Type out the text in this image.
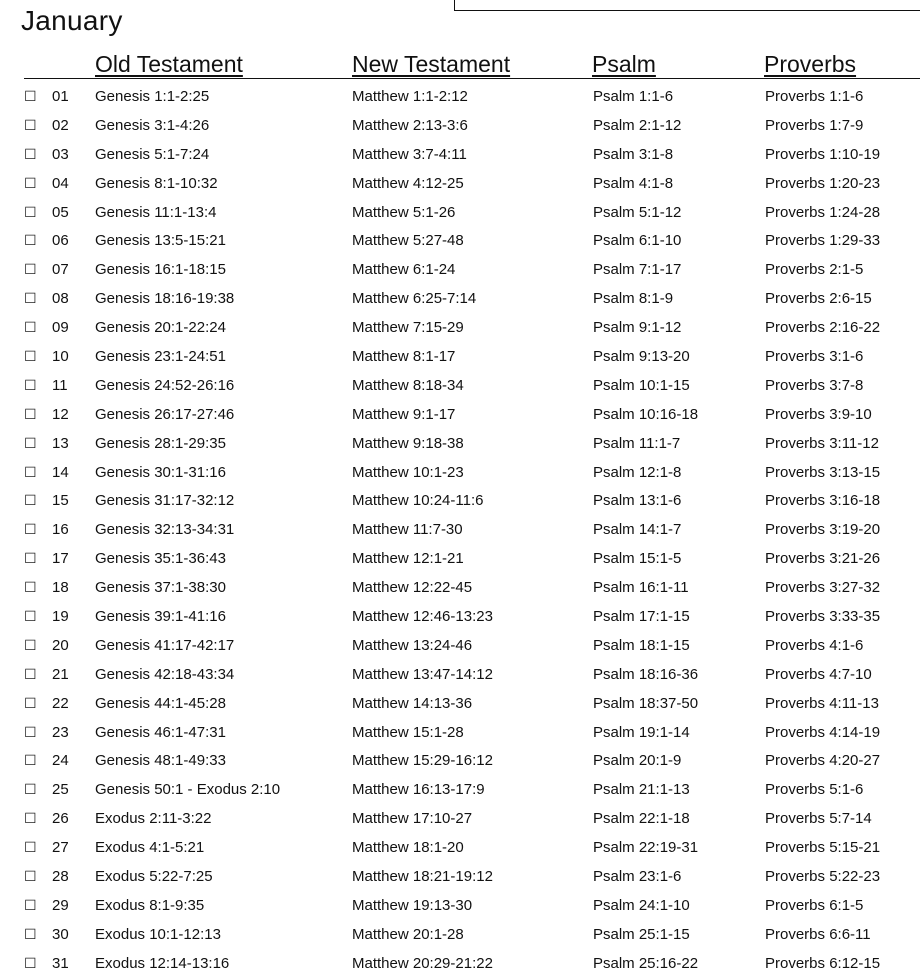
January
Old Testament	New Testament	Psalm	Proverbs
☐ 01 Genesis 1:1-2:25	Matthew 1:1-2:12	Psalm 1:1-6	Proverbs 1:1-6
☐ 02 Genesis 3:1-4:26	Matthew 2:13-3:6	Psalm 2:1-12	Proverbs 1:7-9
☐ 03 Genesis 5:1-7:24	Matthew 3:7-4:11	Psalm 3:1-8	Proverbs 1:10-19
☐ 04 Genesis 8:1-10:32	Matthew 4:12-25	Psalm 4:1-8	Proverbs 1:20-23
☐ 05 Genesis 11:1-13:4	Matthew 5:1-26	Psalm 5:1-12	Proverbs 1:24-28
☐ 06 Genesis 13:5-15:21	Matthew 5:27-48	Psalm 6:1-10	Proverbs 1:29-33
☐ 07 Genesis 16:1-18:15	Matthew 6:1-24	Psalm 7:1-17	Proverbs 2:1-5
☐ 08 Genesis 18:16-19:38	Matthew 6:25-7:14	Psalm 8:1-9	Proverbs 2:6-15
☐ 09 Genesis 20:1-22:24	Matthew 7:15-29	Psalm 9:1-12	Proverbs 2:16-22
☐ 10 Genesis 23:1-24:51	Matthew 8:1-17	Psalm 9:13-20	Proverbs 3:1-6
☐ 11 Genesis 24:52-26:16	Matthew 8:18-34	Psalm 10:1-15	Proverbs 3:7-8
☐ 12 Genesis 26:17-27:46	Matthew 9:1-17	Psalm 10:16-18	Proverbs 3:9-10
☐ 13 Genesis 28:1-29:35	Matthew 9:18-38	Psalm 11:1-7	Proverbs 3:11-12
☐ 14 Genesis 30:1-31:16	Matthew 10:1-23	Psalm 12:1-8	Proverbs 3:13-15
☐ 15 Genesis 31:17-32:12	Matthew 10:24-11:6	Psalm 13:1-6	Proverbs 3:16-18
☐ 16 Genesis 32:13-34:31	Matthew 11:7-30	Psalm 14:1-7	Proverbs 3:19-20
☐ 17 Genesis 35:1-36:43	Matthew 12:1-21	Psalm 15:1-5	Proverbs 3:21-26
☐ 18 Genesis 37:1-38:30	Matthew 12:22-45	Psalm 16:1-11	Proverbs 3:27-32
☐ 19 Genesis 39:1-41:16	Matthew 12:46-13:23	Psalm 17:1-15	Proverbs 3:33-35
☐ 20 Genesis 41:17-42:17	Matthew 13:24-46	Psalm 18:1-15	Proverbs 4:1-6
☐ 21 Genesis 42:18-43:34	Matthew 13:47-14:12	Psalm 18:16-36	Proverbs 4:7-10
☐ 22 Genesis 44:1-45:28	Matthew 14:13-36	Psalm 18:37-50	Proverbs 4:11-13
☐ 23 Genesis 46:1-47:31	Matthew 15:1-28	Psalm 19:1-14	Proverbs 4:14-19
☐ 24 Genesis 48:1-49:33	Matthew 15:29-16:12	Psalm 20:1-9	Proverbs 4:20-27
☐ 25 Genesis 50:1 - Exodus 2:10	Matthew 16:13-17:9	Psalm 21:1-13	Proverbs 5:1-6
☐ 26 Exodus 2:11-3:22	Matthew 17:10-27	Psalm 22:1-18	Proverbs 5:7-14
☐ 27 Exodus 4:1-5:21	Matthew 18:1-20	Psalm 22:19-31	Proverbs 5:15-21
☐ 28 Exodus 5:22-7:25	Matthew 18:21-19:12	Psalm 23:1-6	Proverbs 5:22-23
☐ 29 Exodus 8:1-9:35	Matthew 19:13-30	Psalm 24:1-10	Proverbs 6:1-5
☐ 30 Exodus 10:1-12:13	Matthew 20:1-28	Psalm 25:1-15	Proverbs 6:6-11
☐ 31 Exodus 12:14-13:16	Matthew 20:29-21:22	Psalm 25:16-22	Proverbs 6:12-15
